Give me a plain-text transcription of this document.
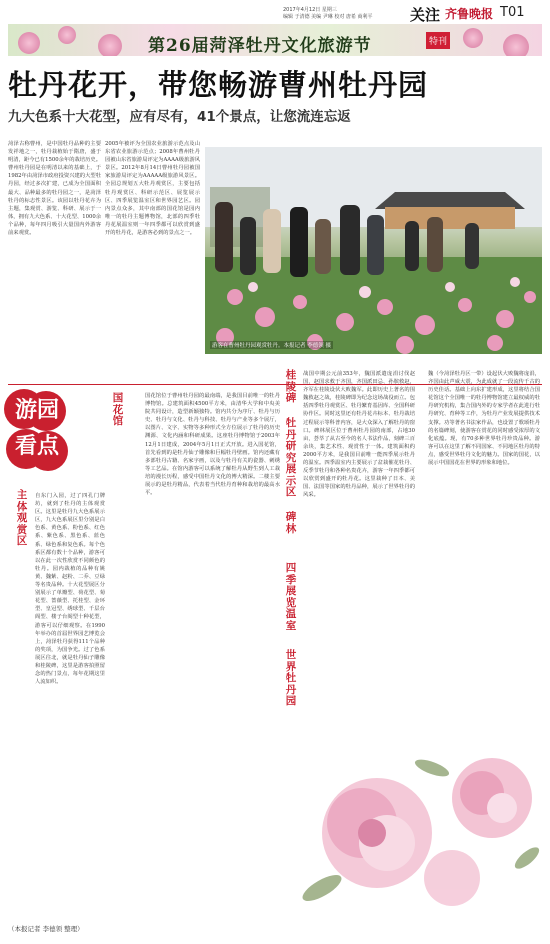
2017年4月12日 星期三
编辑 于清德 美编 尹琳 校对 唐希 商利平	关注 齐鲁晚报 T01
第26届菏泽牡丹文化旅游节	特刊
牡丹花开，带您畅游曹州牡丹园
九大色系十大花型，应有尽有，41个景点，让您流连忘返
菏泽古称曹州，是中国牡丹品种的主要发祥地之一，牡丹栽植始于隋唐，盛于明清，距今已有1500余年的栽培历史。曹州牡丹园是在明清以来的基础上，于1982年由菏泽市政府投资兴建的大型牡丹园，经过多次扩建，已成为全国面积最大、品种最多的牡丹园之一，是菏泽牡丹的标志性景区。该园以牡丹花卉为主题，集观赏、游览、科研、展示于一体，拥有九大色系、十大花型、1000余个品种，每年四月吸引大量国内外游客前来观赏。
2005年被评为全国农业旅游示范点及山东省农业旅游示范点；2008年曹州牡丹园被山东省旅游局评定为AAAA级旅游风景区。2012年8月14日曹州牡丹园被国家旅游局评定为AAAAA级旅游风景区。全园总规划五大牡丹观赏区，主要包括牡丹观赏区、科研示范区、展览展示区、四季展览温室区和世界园艺区。园内景点众多，其中南部的国花馆是园内唯一的牡丹主题博物馆，北部的四季牡丹花展温室则一年四季都可以欣赏到盛开的牡丹花，是游客必到的景点之一。
游客在曹州牡丹园观赏牡丹。本报记者 李德领 摄
游园看点
主体观赏区
国花馆
桂陵碑
牡丹研究展示区
碑林
四季展览温室
世界牡丹园
自东门入园，过了四孔门牌坊，就到了牡丹的主体观赏区。这里是牡丹九大色系展示区，九大色系展区里分别是白色系、黄色系、粉色系、红色系、紫色系、黑色系、蓝色系、绿色系和复色系。每个色系区都有数十个品种，游客可以在此一次性欣赏不同颜色的牡丹。园内栽植的品种有姚黄、魏紫、赵粉、二乔、豆绿等名贵品种。十大花型展区分别展示了单瓣型、荷花型、菊花型、蔷薇型、托桂型、金环型、皇冠型、绣球型、千层台阁型、楼子台阁型十种花型，游客可以仔细观察。在1990年举办的首届世界园艺博览会上，菏泽牡丹获得111个品种的奖项，为国争光。过了色系展区往北，就是牡丹仙子雕像和桂陵碑，这里是游客拍照留念的热门景点，每年花期这里人流如织。
国花馆位于曹州牡丹园的最南端，是我国目前唯一的牡丹博物馆。总建筑面积4500平方米，由清华大学和中央美院共同设计，造型新颖独特。馆内共分为序厅、牡丹与历史、牡丹与文化、牡丹与科技、牡丹与产业等多个展厅，以图片、文字、实物等多种形式全方位展示了牡丹的历史渊源、文化内涵和科研成果。这座牡丹博物馆于2003年12月1日建成，2004年5月1日正式开放。进入国花馆，首先看到的是牡丹仙子雕像和巨幅牡丹壁画。馆内还藏有多部牡丹古籍、名家字画，以及与牡丹有关的瓷器、刺绣等工艺品。在馆内游客可以系统了解牡丹从野生到人工栽培的漫长历程，感受中国牡丹文化的博大精深。二楼主要展示的是牡丹精品，代表着当代牡丹育种和栽培的最高水平。
战国中期公元前353年，魏国派遣庞涓讨伐赵国，赵国求救于齐国，齐国派田忌、孙膑救赵，齐军在桂陵设伏大败魏军。此即历史上著名的围魏救赵之战，桂陵碑即为纪念这场战役而立。包括四季牡丹观赏区、牡丹繁育基因库、全国科研协作区。同时这里还有牡丹花卉标本、牡丹栽培过程展示等科普内容，是大众深入了解牡丹的窗口。碑林展区位于曹州牡丹园的南部，占地30亩，荟萃了从古至今的名人书法作品，刻碑三百余块，集艺术性、观赏性于一体。建筑面积约2000平方米，是我国目前唯一能四季展示牡丹的温室。四季温室内主要展示了盆栽催花牡丹、反季节牡丹和各种名贵花卉，游客一年四季都可以欣赏到盛开的牡丹花。这里栽种了日本、美国、法国等国家的牡丹品种，展示了世界牡丹的风采。
魏（今菏泽牡丹区一带）设起伏大败魏将庞涓，齐国由此声威大震，为此成就了一段流传千古的历史佳话。基础上向东扩建形成，这里将结合国花馆这个全国唯一的牡丹博物馆建立最权威的牡丹研究机构，集合国内外的专家学者在此进行牡丹研究、育种等工作，为牡丹产业发展提供技术支撑。功等著名书法家作品，也设置了歌颂牡丹的名篇碑刻，使游客在赏花的同时感受浓厚的文化底蕴。现，有70多种世界牡丹珍贵品种。游客可以在这里了解不同国家、不同地区牡丹的特点，感受世界牡丹文化的魅力。国家的国花，以展示中国国花在世界的形象和地位。
（本报记者 李德领 整理）
